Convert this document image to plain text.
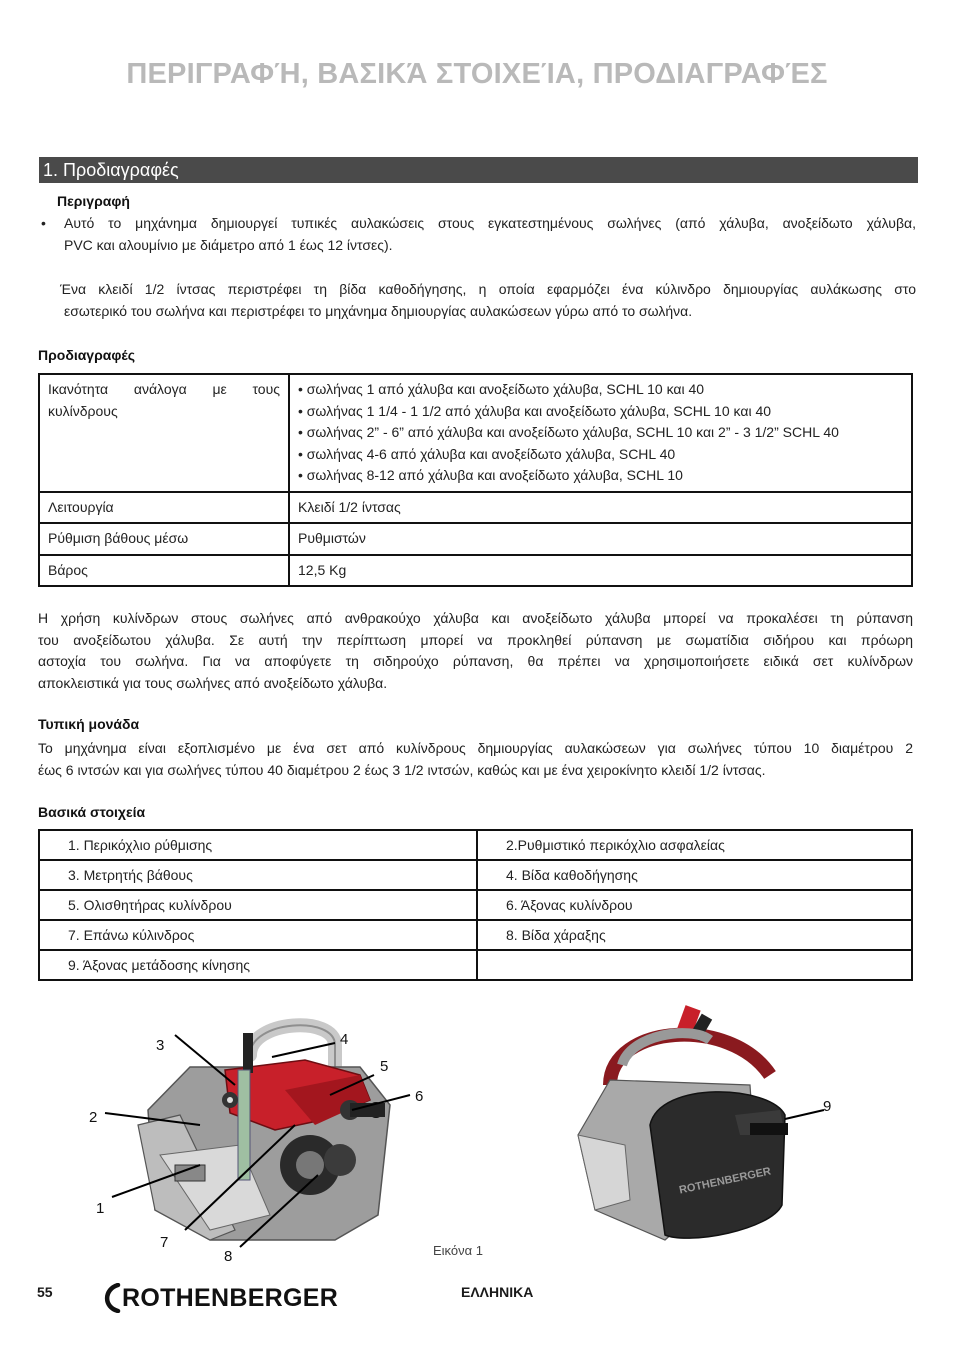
ΠΕΡΙΓΡΑΦΉ, ΒΑΣΙΚΆ ΣΤΟΙΧΕΊΑ, ΠΡΟΔΙΑΓΡΑΦΈΣ
1. Προδιαγραφές
Περιγραφή
• Αυτό το μηχάνημα δημιουργεί τυπικές αυλακώσεις στους εγκατεστημένους σωλήνες (από χάλυβα, ανοξείδωτο χάλυβα,
PVC και αλουμίνιο με διάμετρο από 1 έως 12 ίντσες).
Ένα κλειδί 1/2 ίντσας περιστρέφει τη βίδα καθοδήγησης, η οποία εφαρμόζει ένα κύλινδρο δημιουργίας αυλάκωσης στο
εσωτερικό του σωλήνα και περιστρέφει το μηχάνημα δημιουργίας αυλακώσεων γύρω από το σωλήνα.
Προδιαγραφές
Ικανότητα ανάλογα με τους κυλίνδρους	• σωλήνας 1 από χάλυβα και ανοξείδωτο χάλυβα, SCHL 10 και 40
• σωλήνας 1 1/4 - 1 1/2 από χάλυβα και ανοξείδωτο χάλυβα, SCHL 10 και 40
• σωλήνας 2” - 6” από χάλυβα και ανοξείδωτο χάλυβα, SCHL 10 και 2” - 3 1/2” SCHL 40
• σωλήνας 4-6 από χάλυβα και ανοξείδωτο χάλυβα, SCHL 40
• σωλήνας 8-12 από χάλυβα και ανοξείδωτο χάλυβα, SCHL 10

Λειτουργία	Κλειδί 1/2 ίντσας

Ρύθμιση βάθους μέσω	Ρυθμιστών

Βάρος	12,5 Kg
Η χρήση κυλίνδρων στους σωλήνες από ανθρακούχο χάλυβα και ανοξείδωτο χάλυβα μπορεί να προκαλέσει τη ρύπανση
του ανοξείδωτου χάλυβα. Σε αυτή την περίπτωση μπορεί να προκληθεί ρύπανση με σωματίδια σιδήρου και πρόωρη
αστοχία του σωλήνα. Για να αποφύγετε τη σιδηρούχο ρύπανση, θα πρέπει να χρησιμοποιήσετε ειδικά σετ κυλίνδρων
αποκλειστικά για τους σωλήνες από ανοξείδωτο χάλυβα.
Τυπική μονάδα
Το μηχάνημα είναι εξοπλισμένο με ένα σετ από κυλίνδρους δημιουργίας αυλακώσεων για σωλήνες τύπου 10 διαμέτρου 2
έως 6 ιντσών και για σωλήνες τύπου 40 διαμέτρου 2 έως 3 1/2 ιντσών, καθώς και με ένα χειροκίνητο κλειδί 1/2 ίντσας.
Βασικά στοιχεία
1. Περικόχλιο ρύθμισης	2.Ρυθμιστικό περικόχλιο ασφαλείας
3. Μετρητής βάθους	4. Βίδα καθοδήγησης
5. Ολισθητήρας κυλίνδρου	6. Άξονας κυλίνδρου
7. Επάνω κύλινδρος	8. Βίδα χάραξης
9. Άξονας μετάδοσης κίνησης	
3	4
5
6
2
1
7
8
ROTHENBERGER
9
Εικόνα 1
55	ROTHENBERGER	ΕΛΛΗΝΙΚΑ
